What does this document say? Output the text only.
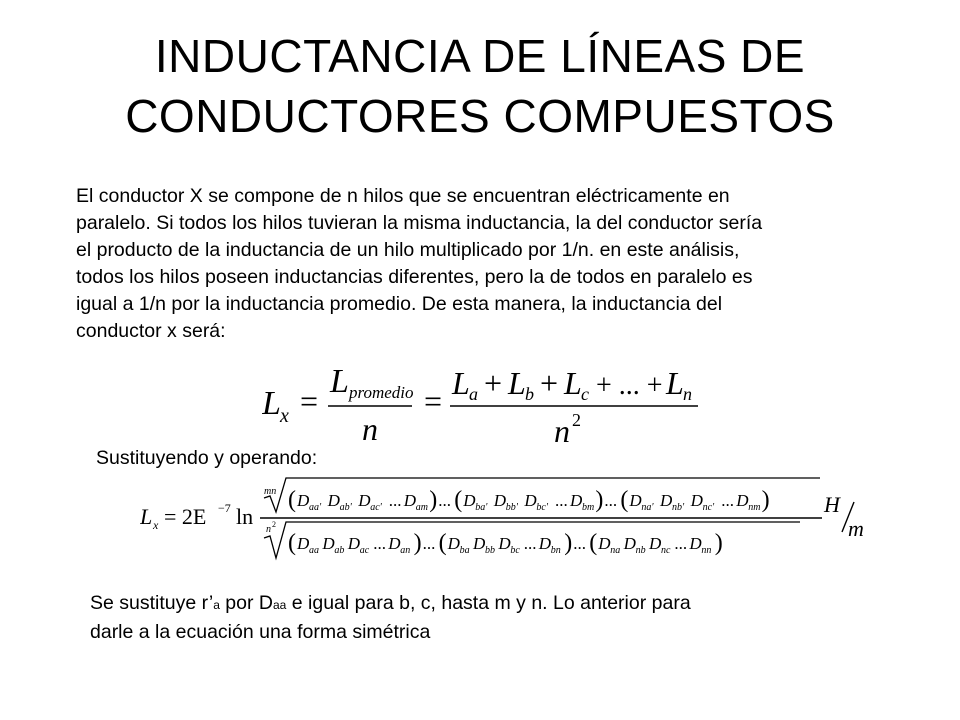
INDUCTANCIA DE LÍNEAS DE
CONDUCTORES COMPUESTOS
El conductor X se compone de n hilos que se encuentran eléctricamente en
paralelo. Si todos los hilos tuvieran la misma inductancia, la del conductor sería
el producto de la inductancia de un hilo multiplicado por 1/n. en este análisis,
todos los hilos poseen inductancias diferentes, pero la de todos en paralelo es
igual a 1/n por la inductancia promedio. De esta manera, la inductancia del
conductor x será:
L x =
L promedio
n
= L a + L b + L c + ... + L n
n 2
Sustituyendo y operando:
L x = 2E −7 ln
mn
n 2
( D aa' D ab' D ac' ... D am ) ... ( D ba' D bb' D bc' ... D bm ) ... ( D na' D nb' D nc' ... D nm )
( D aa D ab D ac ... D an ) ... ( D ba D bb D bc ... D bn ) ... ( D na D nb D nc ... D nn )
H
m
Se sustituye r’a por Daa e igual para b, c, hasta m y n. Lo anterior para
darle a la ecuación una forma simétrica
